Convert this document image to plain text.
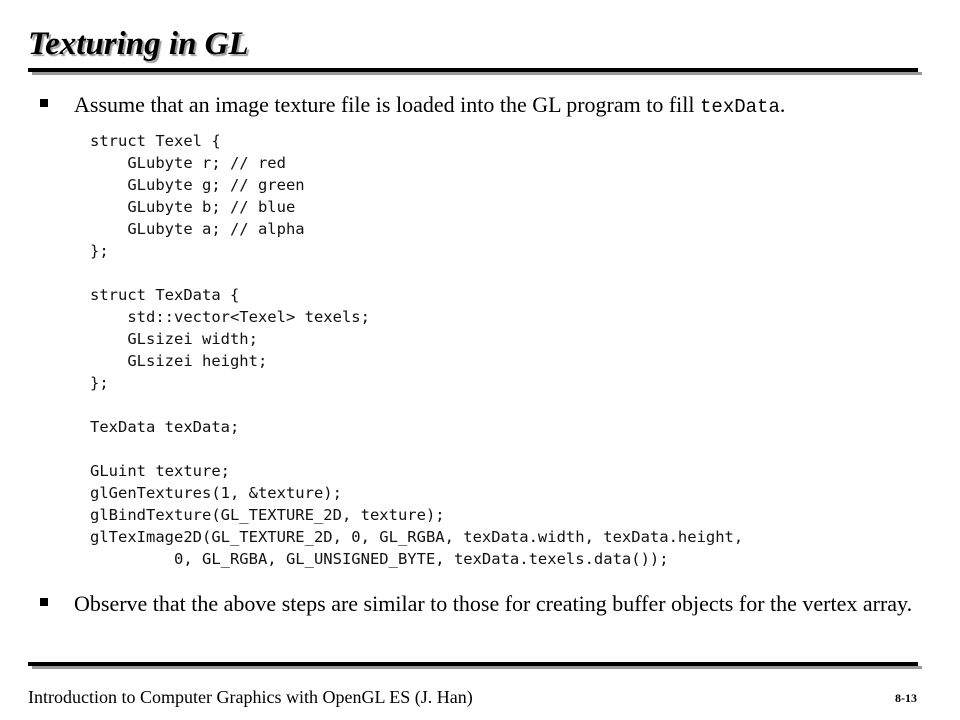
Texturing in GL
Assume that an image texture file is loaded into the GL program to fill texData.
struct Texel {
GLubyte r; // red
GLubyte g; // green
GLubyte b; // blue
GLubyte a; // alpha
};
struct TexData {
std::vector<Texel> texels;
GLsizei width;
GLsizei height;
};
TexData texData;
GLuint texture;
glGenTextures(1, &texture);
glBindTexture(GL_TEXTURE_2D, texture);
glTexImage2D(GL_TEXTURE_2D, 0, GL_RGBA, texData.width, texData.height,
0, GL_RGBA, GL_UNSIGNED_BYTE, texData.texels.data());
Observe that the above steps are similar to those for creating buffer objects for the vertex array.
Introduction to Computer Graphics with OpenGL ES (J. Han)	8-13
